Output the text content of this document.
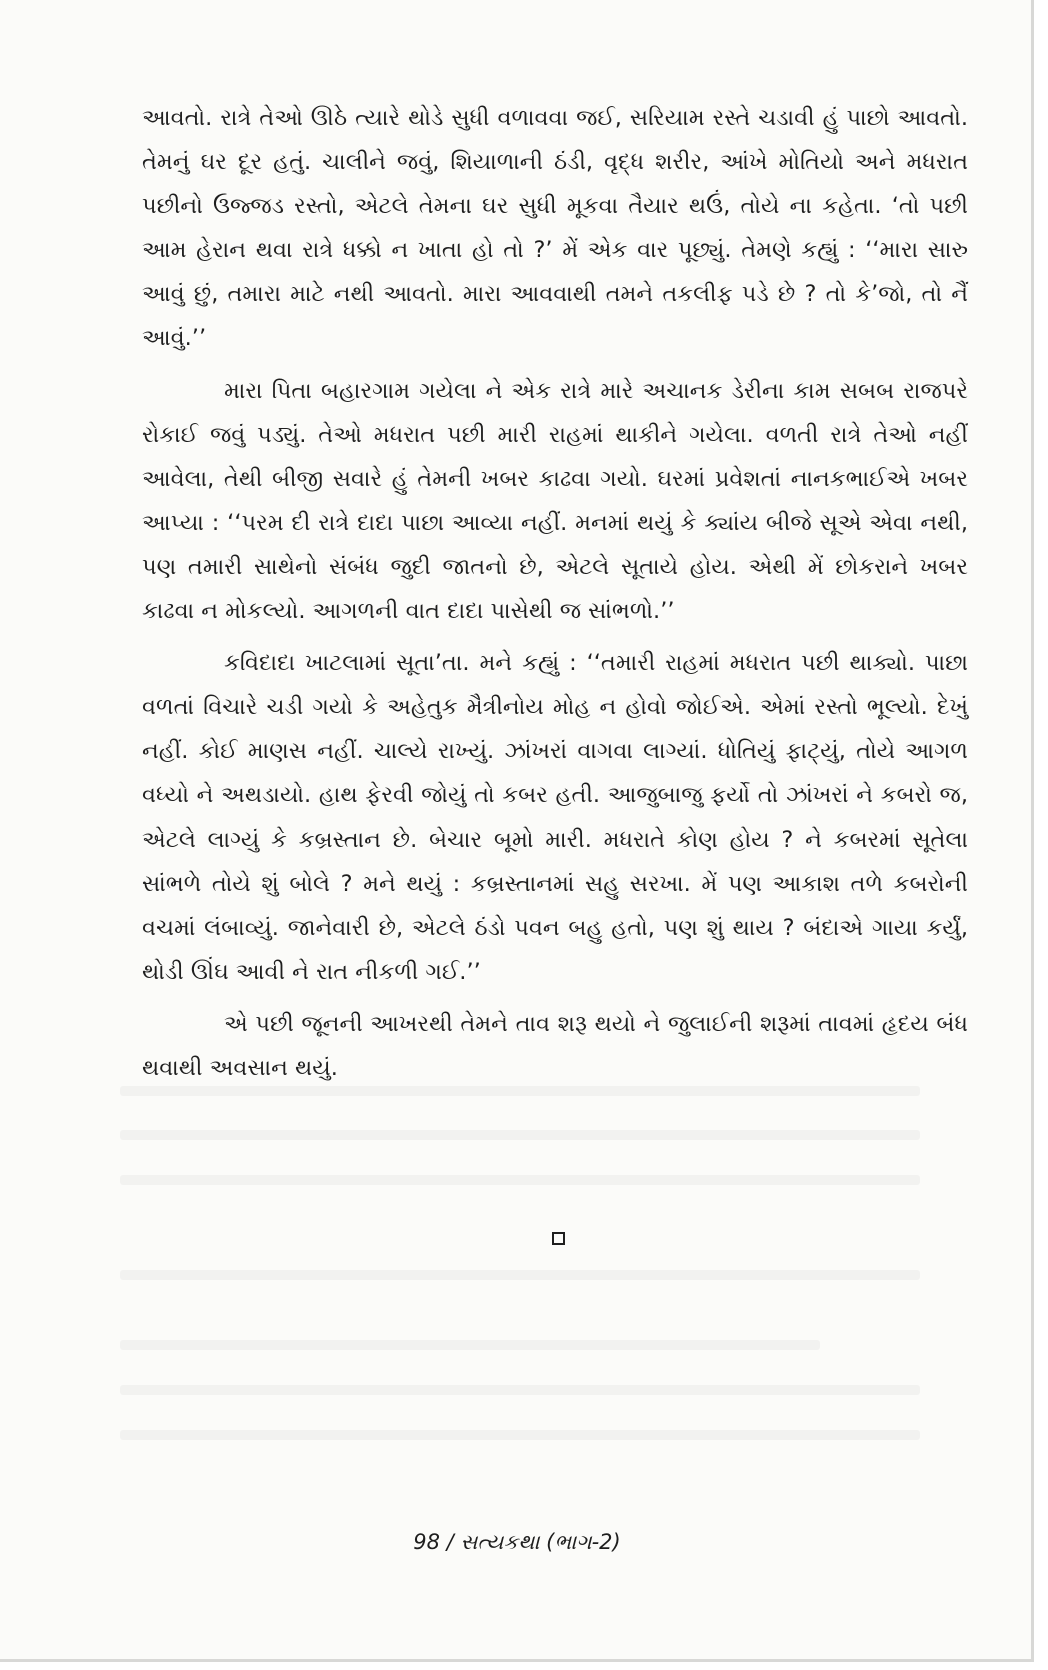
આવતો. રાત્રે તેઓ ઊઠે ત્યારે થોડે સુધી વળાવવા જઈ, સરિયામ રસ્તે ચડાવી હું પાછો આવતો. તેમનું ઘર દૂર હતું. ચાલીને જવું, શિયાળાની ઠંડી, વૃદ્ધ શરીર, આંખે મોતિયો અને મધરાત પછીનો ઉજ્જડ રસ્તો, એટલે તેમના ઘર સુધી મૂકવા તૈયાર થઉં, તોયે ના કહેતા. ‘તો પછી આમ હેરાન થવા રાત્રે ધક્કો ન ખાતા હો તો ?’ મેં એક વાર પૂછ્યું. તેમણે કહ્યું : ‘‘મારા સારુ આવું છું, તમારા માટે નથી આવતો. મારા આવવાથી તમને તકલીફ પડે છે ? તો કે’જો, તો નૈં આવું.’’

મારા પિતા બહારગામ ગયેલા ને એક રાત્રે મારે અચાનક ડેરીના કામ સબબ રાજપરે રોકાઈ જવું પડ્યું. તેઓ મધરાત પછી મારી રાહમાં થાકીને ગયેલા. વળતી રાત્રે તેઓ નહીં આવેલા, તેથી બીજી સવારે હું તેમની ખબર કાઢવા ગયો. ઘરમાં પ્રવેશતાં નાનકભાઈએ ખબર આપ્યા : ‘‘પરમ દી રાત્રે દાદા પાછા આવ્યા નહીં. મનમાં થયું કે ક્યાંય બીજે સૂએ એવા નથી, પણ તમારી સાથેનો સંબંધ જુદી જાતનો છે, એટલે સૂતાયે હોય. એથી મેં છોકરાને ખબર કાઢવા ન મોકલ્યો. આગળની વાત દાદા પાસેથી જ સાંભળો.’’

કવિદાદા ખાટલામાં સૂતા’તા. મને કહ્યું : ‘‘તમારી રાહમાં મધરાત પછી થાક્યો. પાછા વળતાં વિચારે ચડી ગયો કે અહેતુક મૈત્રીનોય મોહ ન હોવો જોઈએ. એમાં રસ્તો ભૂલ્યો. દેખું નહીં. કોઈ માણસ નહીં. ચાલ્યે રાખ્યું. ઝાંખરાં વાગવા લાગ્યાં. ધોતિયું ફાટ્યું, તોયે આગળ વધ્યો ને અથડાયો. હાથ ફેરવી જોયું તો કબર હતી. આજુબાજુ ફર્યો તો ઝાંખરાં ને કબરો જ, એટલે લાગ્યું કે કબ્રસ્તાન છે. બેચાર બૂમો મારી. મધરાતે કોણ હોય ? ને કબરમાં સૂતેલા સાંભળે તોયે શું બોલે ? મને થયું : કબ્રસ્તાનમાં સહુ સરખા. મેં પણ આકાશ તળે કબરોની વચમાં લંબાવ્યું. જાનેવારી છે, એટલે ઠંડો પવન બહુ હતો, પણ શું થાય ? બંદાએ ગાયા કર્યું, થોડી ઊંઘ આવી ને રાત નીકળી ગઈ.’’

એ પછી જૂનની આખરથી તેમને તાવ શરૂ થયો ને જુલાઈની શરૂમાં તાવમાં હૃદય બંધ થવાથી અવસાન થયું.

98 / સત્યકથા (ભાગ-2)
